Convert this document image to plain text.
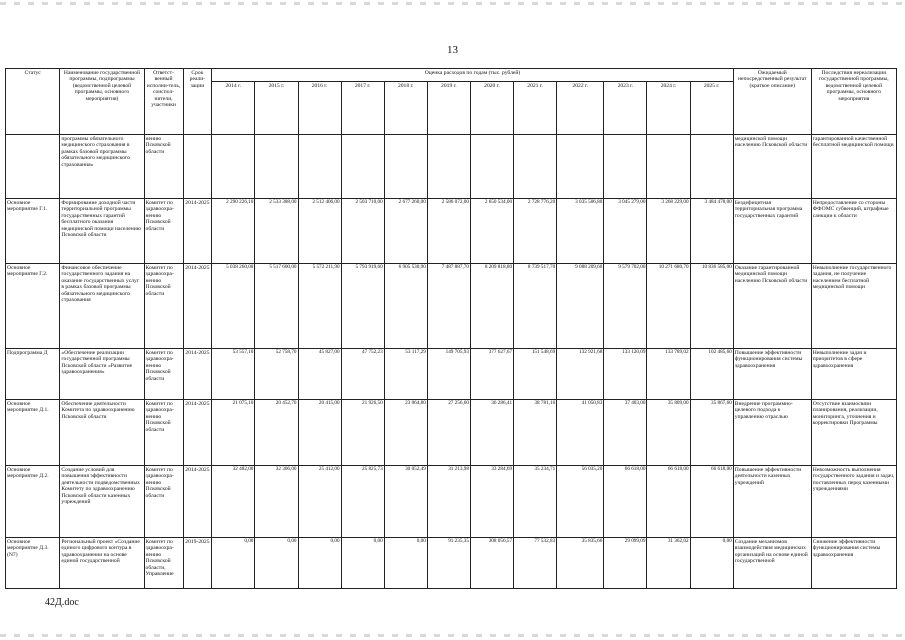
13
Статус	Наименование государственной программы, подпрограммы (ведомственной целевой программы, основного мероприятия)	Ответст-венный исполни-тель, соиспол-нители, участники	Срок реали-зации	Оценка расходов по годам (тыс. рублей)												Ожидаемый непосредственный результат (краткое описание)	Последствия нереализации государственной программы, ведомственной целевой программы, основного мероприятия
				2014 г.	2015 г.	2016 г.	2017 г.	2018 г.	2019 г.	2020 г.	2021 г.	2022 г.	2023 г.	2024 г.	2025 г.		
	программы обязательного медицинского страхования в рамках базовой программы обязательного медицинского страхования»	нению Псковской области														медицинской помощи населению Псковской области	гарантированной качественной бесплатной медицинской помощи
Основное мероприятие Г.1.	Формирование доходной части территориальной программы государственных гарантий бесплатного оказания медицинской помощи населению Псковской области	Комитет по здравоохра-нению Псковской области	2014-2025	2 290 226,10	2 533 388,00	2 512 406,00	2 503 710,00	2 677 260,00	2 586 072,00	2 650 534,00	2 728 776,20	3 035 506,80	3 045 279,00	3 268 229,00	3 484 478,00	Бездефицитная территориальная программа государственных гарантий	Непредоставление со стороны ФФОМС субвенций, штрафные санкции к области
Основное мероприятие Г.2.	Финансовое обеспечение государственного задания на оказание государственных услуг в рамках базовой программы обязательного медицинского страхования	Комитет по здравоохра-нению Псковской области	2014-2025	5 038 260,00	5 517 600,00	5 572 211,90	5 793 919,60	6 905 530,90	7 487 887,70	8 209 818,80	8 739 517,70	9 088 209,60	9 579 702,00	10 271 680,70	10 836 585,00	Оказание гарантированной медицинской помощи населению Псковской области	Невыполнение государственного задания, не получение населением бесплатной медицинской помощи
Подпрограмма Д	«Обеспечение реализации государственной программы Псковской области «Развитие здравоохранения»	Комитет по здравоохра-нению Псковской области	2014-2025	53 557,10	52 758,70	45 827,00	47 752,23	53 117,29	149 705,93	377 627,67	151 548,69	132 921,68	133 120,09	133 789,02	102 485,60	Повышение эффективности функционирования системы здравоохранения	Невыполнение задач и приоритетов в сфере здравоохранения
Основное мероприятие Д.1.	Обеспечение деятельности Комитета по здравоохранению Псковской области	Комитет по здравоохра-нению Псковской области	2014-2025	21 075,10	20 452,70	20 415,00	21 926,50	23 064,80	27 256,60	36 286,41	38 781,16	41 050,83	37 403,00	35 809,00	35 867,60	Внедрение программно-целевого подхода к управлению отраслью	Отсутствие взаимосвязи планирования, реализации, мониторинга, уточнения и корректировки Программы
Основное мероприятие Д.2.	Создание условий для повышения эффективности деятельности подведомственных Комитету по здравоохранению Псковской области казенных учреждений	Комитет по здравоохра-нению Псковской области	2014-2025	32 482,00	32 306,00	25 412,00	25 825,73	30 052,49	31 213,98	33 284,69	35 234,71	56 035,20	66 618,00	66 618,00	66 618,00	Повышение эффективности деятельности казенных учреждений	Невозможность выполнения государственного задания и задач, поставленных перед казенными учреждениями
Основное мероприятие Д.3. (N7)	Региональный проект «Создание единого цифрового контура в здравоохранении на основе единой государственной	Комитет по здравоохра-нению Псковской области, Управление	2019-2025	0,00	0,00	0,00	0,00	0,00	91 235,35	308 056,57	77 532,83	35 835,66	29 099,09	31 362,02	0,00	Создание механизмов взаимодействия медицинских организаций на основе единой государственной	Снижение эффективности функционирования системы здравоохранения
42Д.doc
